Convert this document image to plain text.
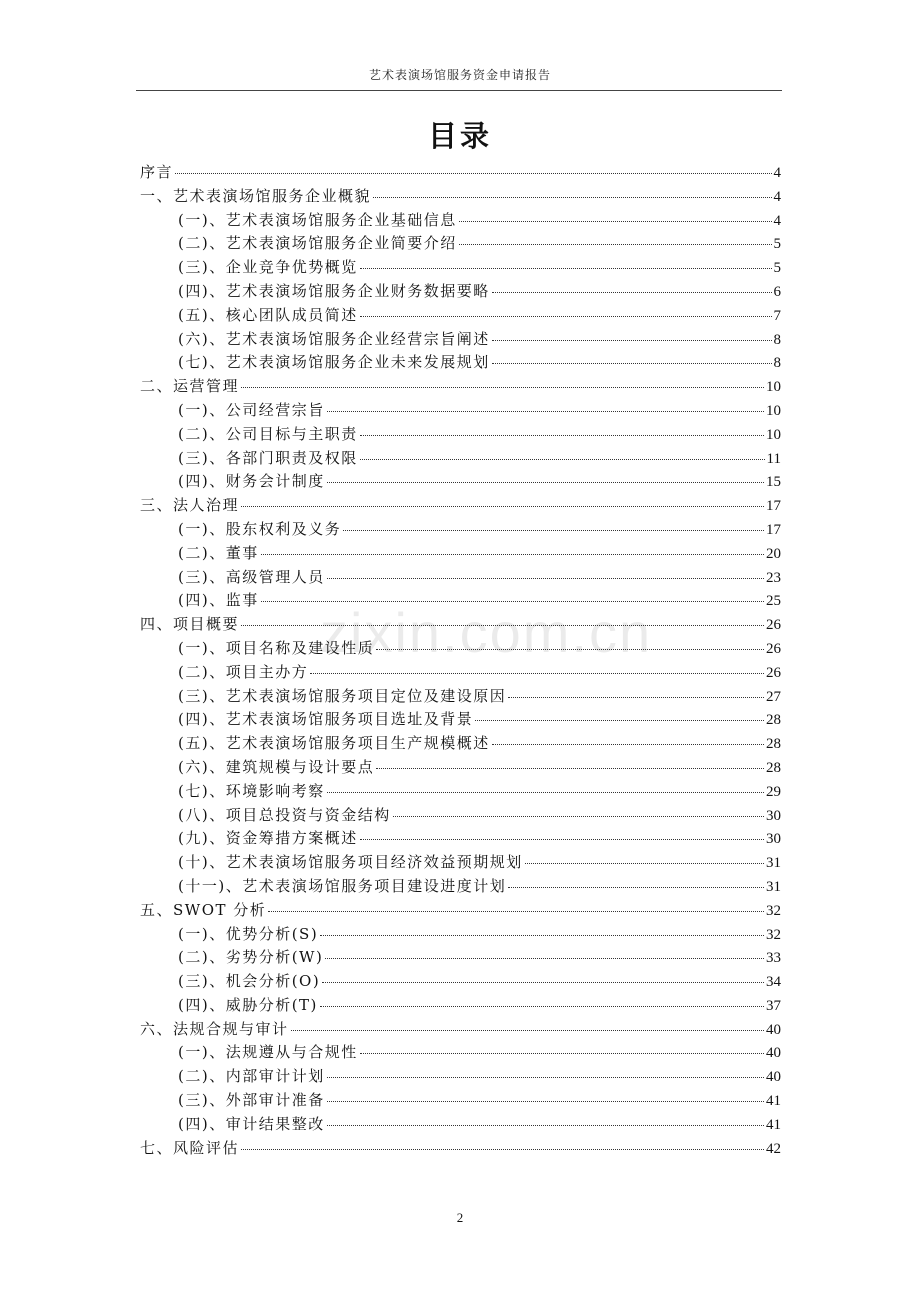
艺术表演场馆服务资金申请报告
目录
zixin.com.cn
序言	4
一、艺术表演场馆服务企业概貌	4
(一)、艺术表演场馆服务企业基础信息	4
(二)、艺术表演场馆服务企业简要介绍	5
(三)、企业竞争优势概览	5
(四)、艺术表演场馆服务企业财务数据要略	6
(五)、核心团队成员简述	7
(六)、艺术表演场馆服务企业经营宗旨阐述	8
(七)、艺术表演场馆服务企业未来发展规划	8
二、运营管理	10
(一)、公司经营宗旨	10
(二)、公司目标与主职责	10
(三)、各部门职责及权限	11
(四)、财务会计制度	15
三、法人治理	17
(一)、股东权利及义务	17
(二)、董事	20
(三)、高级管理人员	23
(四)、监事	25
四、项目概要	26
(一)、项目名称及建设性质	26
(二)、项目主办方	26
(三)、艺术表演场馆服务项目定位及建设原因	27
(四)、艺术表演场馆服务项目选址及背景	28
(五)、艺术表演场馆服务项目生产规模概述	28
(六)、建筑规模与设计要点	28
(七)、环境影响考察	29
(八)、项目总投资与资金结构	30
(九)、资金筹措方案概述	30
(十)、艺术表演场馆服务项目经济效益预期规划	31
(十一)、艺术表演场馆服务项目建设进度计划	31
五、SWOT 分析	32
(一)、优势分析(S)	32
(二)、劣势分析(W)	33
(三)、机会分析(O)	34
(四)、威胁分析(T)	37
六、法规合规与审计	40
(一)、法规遵从与合规性	40
(二)、内部审计计划	40
(三)、外部审计准备	41
(四)、审计结果整改	41
七、风险评估	42
2
